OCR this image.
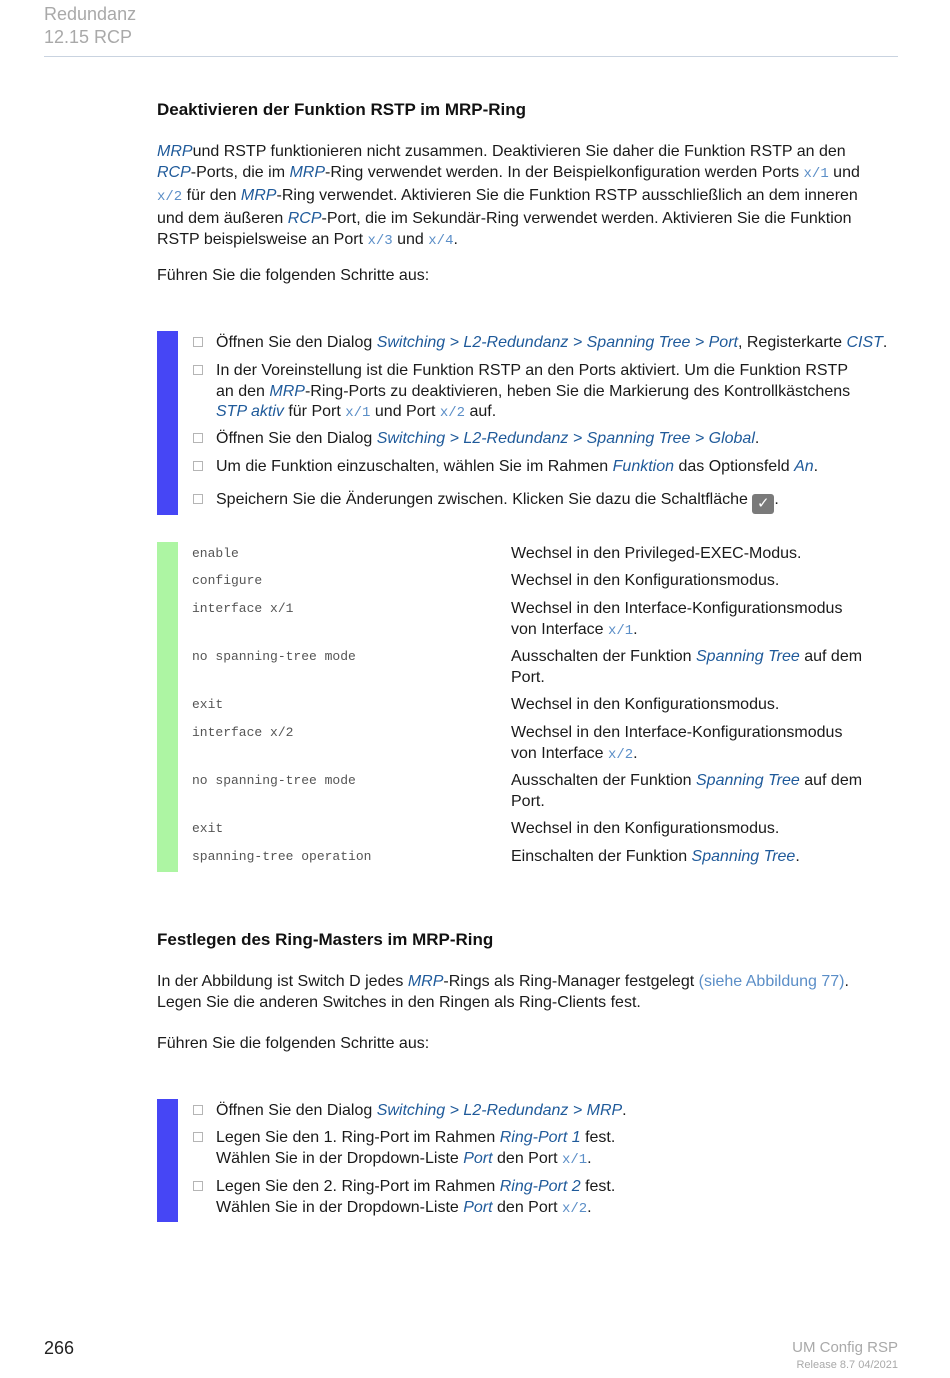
Redundanz
12.15 RCP
Deaktivieren der Funktion RSTP im MRP-Ring
MRPund RSTP funktionieren nicht zusammen. Deaktivieren Sie daher die Funktion RSTP an den
RCP-Ports, die im MRP-Ring verwendet werden. In der Beispielkonfiguration werden Ports x/1 und
x/2 für den MRP-Ring verwendet. Aktivieren Sie die Funktion RSTP ausschließlich an dem inneren
und dem äußeren RCP-Port, die im Sekundär-Ring verwendet werden. Aktivieren Sie die Funktion
RSTP beispielsweise an Port x/3 und x/4.
Führen Sie die folgenden Schritte aus:
Öffnen Sie den Dialog Switching > L2-Redundanz > Spanning Tree > Port, Registerkarte CIST.
In der Voreinstellung ist die Funktion RSTP an den Ports aktiviert. Um die Funktion RSTP
an den MRP-Ring-Ports zu deaktivieren, heben Sie die Markierung des Kontrollkästchens
STP aktiv für Port x/1 und Port x/2 auf.
Öffnen Sie den Dialog Switching > L2-Redundanz > Spanning Tree > Global.
Um die Funktion einzuschalten, wählen Sie im Rahmen Funktion das Optionsfeld An.
Speichern Sie die Änderungen zwischen. Klicken Sie dazu die Schaltfläche ✓ .
enable	Wechsel in den Privileged-EXEC-Modus.
configure	Wechsel in den Konfigurationsmodus.
interface x/1	Wechsel in den Interface-Konfigurationsmodus
von Interface x/1.
no spanning-tree mode	Ausschalten der Funktion Spanning Tree auf dem
Port.
exit	Wechsel in den Konfigurationsmodus.
interface x/2	Wechsel in den Interface-Konfigurationsmodus
von Interface x/2.
no spanning-tree mode	Ausschalten der Funktion Spanning Tree auf dem
Port.
exit	Wechsel in den Konfigurationsmodus.
spanning-tree operation	Einschalten der Funktion Spanning Tree.
Festlegen des Ring-Masters im MRP-Ring
In der Abbildung ist Switch D jedes MRP-Rings als Ring-Manager festgelegt (siehe Abbildung 77).
Legen Sie die anderen Switches in den Ringen als Ring-Clients fest.
Führen Sie die folgenden Schritte aus:
Öffnen Sie den Dialog Switching > L2-Redundanz > MRP.
Legen Sie den 1. Ring-Port im Rahmen Ring-Port 1 fest.
Wählen Sie in der Dropdown-Liste Port den Port x/1.
Legen Sie den 2. Ring-Port im Rahmen Ring-Port 2 fest.
Wählen Sie in der Dropdown-Liste Port den Port x/2.
266	UM Config RSP
Release 8.7 04/2021
